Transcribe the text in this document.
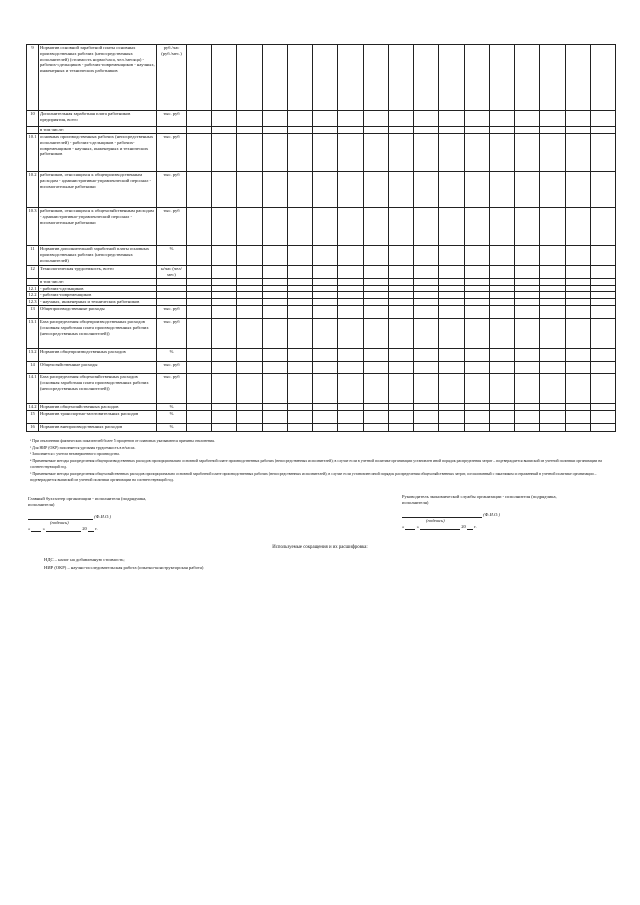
9	Норматив основной заработной платы основных производственных рабочих (непосредственных исполнителей) (стоимость нормо/часа, чел./месяца) - рабочих-сдельщиков - рабочих-повременщиков - научных, инженерных и технических работников	руб./час (руб./мес.)																	
10	Дополнительная заработная плата работников предприятия, всего	тыс. руб																	
	в том числе:																		
10.1	основных производственных рабочих (непосредственных исполнителей) - рабочих-сдельщиков - рабочих-повременщиков - научных, инженерных и технических работников	тыс. руб																	
10.2	работников, относящихся к общепроизводственным расходам - административно-управленческий персонал - вспомогательные работники	тыс. руб																	
10.3	работников, относящихся к общехозяйственным расходам - административно-управленческий персонал - вспомогательные работники	тыс. руб																	
11	Норматив дополнительной заработной платы основных производственных рабочих (непосредственных исполнителей)	%																	
12	Технологическая трудоемкость, всего	н/час (чел/мес)																	
	в том числе:																		
12.1	- рабочих-сдельщиков																		
12.2	- рабочих-повременщиков																		
12.3	- научных, инженерных и технических работников																		
13	Общепроизводственные расходы	тыс. руб																	
13.1	База распределения общепроизводственных расходов (основная заработная плата производственных рабочих (непосредственных исполнителей))	тыс. руб																	
13.2	Норматив общепроизводственных расходов	%																	
14	Общехозяйственные расходы	тыс. руб																	
14.1	База распределения общехозяйственных расходов (основная заработная плата производственных рабочих (непосредственных исполнителей))	тыс. руб																	
14.2	Норматив общехозяйственных расходов	%																	
15	Норматив транспортно-заготовительных расходов	%																	
16	Норматив внепроизводственных расходов	%																	
¹ При отклонении фактических показателей более 5 процентов от плановых указываются причины отклонения.
² Для НИР (ОКР) заполняется удельная трудоемкость в н/часах.
³ Заполняется с учетом незавершенного производства.
⁴ Применяемые методы распределения общепроизводственных расходов пропорционально основной заработной плате производственных рабочих (непосредственных исполнителей); в случае если в учетной политике организации установлен иной порядок распределения затрат – подтверждается выпиской из учетной политики организации на соответствующий год.
⁵ Применяемые методы распределения общехозяйственных расходов пропорционально основной заработной плате производственных рабочих (непосредственных исполнителей); в случае если установлен иной порядок распределения общехозяйственных затрат, согласованный с заказчиком и отраженный в учетной политике организации – подтверждается выпиской из учетной политики организации на соответствующий год.
Главный бухгалтер организации - исполнителя (подрядчика, исполнителя)
(Ф.И.О.)
(подпись)
«	»	20 г.
Руководитель экономической службы организации - исполнителя (подрядчика, исполнителя)
(Ф.И.О.)
(подпись)
«	»	20 г.
Используемые сокращения и их расшифровка:
НДС – налог на добавленную стоимость;
НИР (ОКР) – научно-исследовательская работа (опытно-конструкторская работа)
